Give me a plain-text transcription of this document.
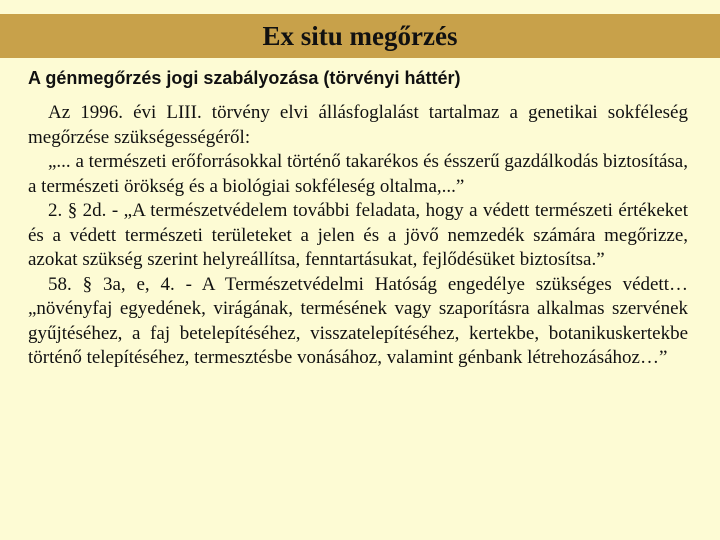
Ex situ megőrzés
A génmegőrzés jogi szabályozása (törvényi háttér)

Az 1996. évi LIII. törvény elvi állásfoglalást tartalmaz a genetikai sokféleség megőrzése szükségességéről:

„... a természeti erőforrásokkal történő takarékos és ésszerű gazdálkodás biztosítása, a természeti örökség és a biológiai sokféleség oltalma,...”

2. § 2d. - „A természetvédelem további feladata, hogy a védett természeti értékeket és a védett természeti területeket a jelen és a jövő nemzedék számára megőrizze, azokat szükség szerint helyreállítsa, fenntartásukat, fejlődésüket biztosítsa.”

58. § 3a, e, 4. - A Természetvédelmi Hatóság engedélye szükséges védett… „növényfaj egyedének, virágának, termésének vagy szaporításra alkalmas szervének gyűjtéséhez, a faj betelepítéséhez, visszatelepítéséhez, kertekbe, botanikuskertekbe történő telepítéséhez, termesztésbe vonásához, valamint génbank létrehozásához…”
